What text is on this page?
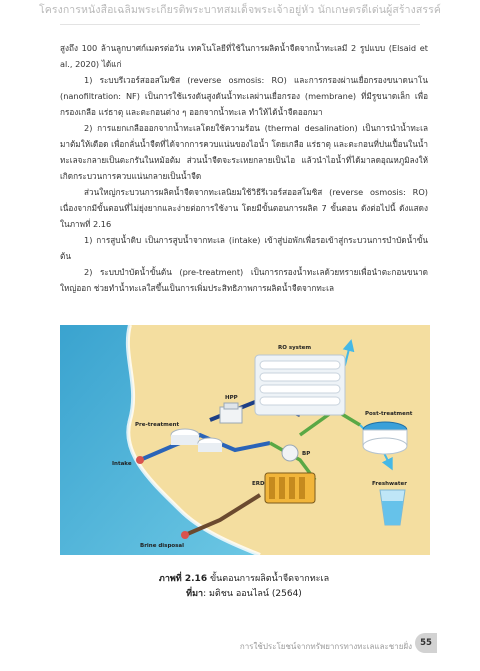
โครงการหนังสือเฉลิมพระเกียรติพระบาทสมเด็จพระเจ้าอยู่หัว นักเกษตรดีเด่นผู้สร้างสรรค์

สูงถึง 100 ล้านลูกบาศก์เมตรต่อวัน เทคโนโลยีที่ใช้ในการผลิตน้ำจืดจากน้ำทะเลมี 2 รูปแบบ (Elsaid et al., 2020) ได้แก่

1) ระบบรีเวอร์สออสโมซิส (reverse osmosis: RO) และการกรองผ่านเยื่อกรองขนาดนาโน (nanofiltration: NF) เป็นการใช้แรงดันสูงดันน้ำทะเลผ่านเยื่อกรอง (membrane) ที่มีรูขนาดเล็ก เพื่อกรองเกลือ แร่ธาตุ และตะกอนต่าง ๆ ออกจากน้ำทะเล ทำให้ได้น้ำจืดออกมา

2) การแยกเกลือออกจากน้ำทะเลโดยใช้ความร้อน (thermal desalination) เป็นการนำน้ำทะเลมาต้มให้เดือด เพื่อกลั่นน้ำจืดที่ได้จากการควบแน่นของไอน้ำ โดยเกลือ แร่ธาตุ และตะกอนที่ปนเปื้อนในน้ำทะเลจะกลายเป็นตะกรันในหม้อต้ม ส่วนน้ำจืดจะระเหยกลายเป็นไอ แล้วนำไอน้ำที่ได้มาลดอุณหภูมิลงให้เกิดกระบวนการควบแน่นกลายเป็นน้ำจืด

ส่วนใหญ่กระบวนการผลิตน้ำจืดจากทะเลนิยมใช้วิธีรีเวอร์สออสโมซิส (reverse osmosis: RO) เนื่องจากมีขั้นตอนที่ไม่ยุ่งยากและง่ายต่อการใช้งาน โดยมีขั้นตอนการผลิต 7 ขั้นตอน ดังต่อไปนี้ ดังแสดงในภาพที่ 2.16

1) การสูบน้ำดิบ เป็นการสูบน้ำจากทะเล (intake) เข้าสู่บ่อพักเพื่อรอเข้าสู่กระบวนการบำบัดน้ำขั้นต้น

2) ระบบบำบัดน้ำขั้นต้น (pre-treatment) เป็นการกรองน้ำทะเลด้วยทรายเพื่อนำตะกอนขนาดใหญ่ออก ช่วยทำน้ำทะเลใสขึ้นเป็นการเพิ่มประสิทธิภาพการผลิตน้ำจืดจากทะเล

RO system
HPP
Pre-treatment
BP
Post-treatment
Intake
ERD	Freshwater
Brine disposal
ภาพที่ 2.16 ขั้นตอนการผลิตน้ำจืดจากทะเล
ที่มา: มติชน ออนไลน์ (2564)
การใช้ประโยชน์จากทรัพยากรทางทะเลและชายฝั่ง 55
